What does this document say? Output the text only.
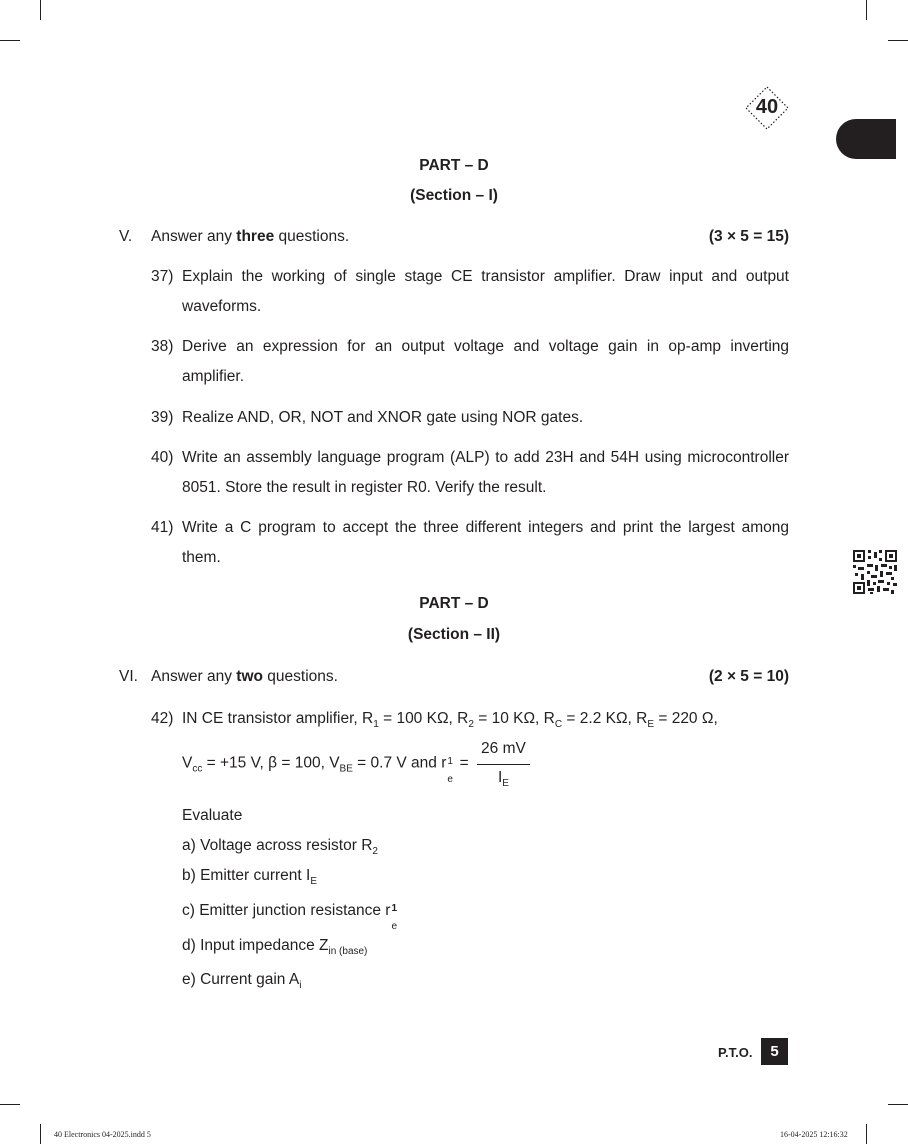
40
PART – D
(Section – I)
V. Answer any three questions.	(3 × 5 = 15)
37) Explain the working of single stage CE transistor amplifier. Draw input and output waveforms.
38) Derive an expression for an output voltage and voltage gain in op-amp inverting amplifier.
39) Realize AND, OR, NOT and XNOR gate using NOR gates.
40) Write an assembly language program (ALP) to add 23H and 54H using microcontroller 8051. Store the result in register R0. Verify the result.
41) Write a C program to accept the three different integers and print the largest among them.
PART – D
(Section – II)
VI. Answer any two questions.	(2 × 5 = 10)
42) IN CE transistor amplifier, $R_1 = 100$ KΩ, $R_2 = 10$ KΩ, $R_C = 2.2$ KΩ, $R_E = 220$ Ω,
$V_{cc} = +15$ V, β = 100, $V_{BE} = 0.7$ V and r 1
e
= $\frac{26 mV}{I_E}$
Evaluate
a) Voltage across resistor $R_2$
b) Emitter current $I_E$
c) Emitter junction resistance r 1
e
d) Input impedance $Z_{in (base)}$
e) Current gain $A_i$
P.T.O.	5
40 Electronics 04-2025.indd 5	16-04-2025 12:16:32
